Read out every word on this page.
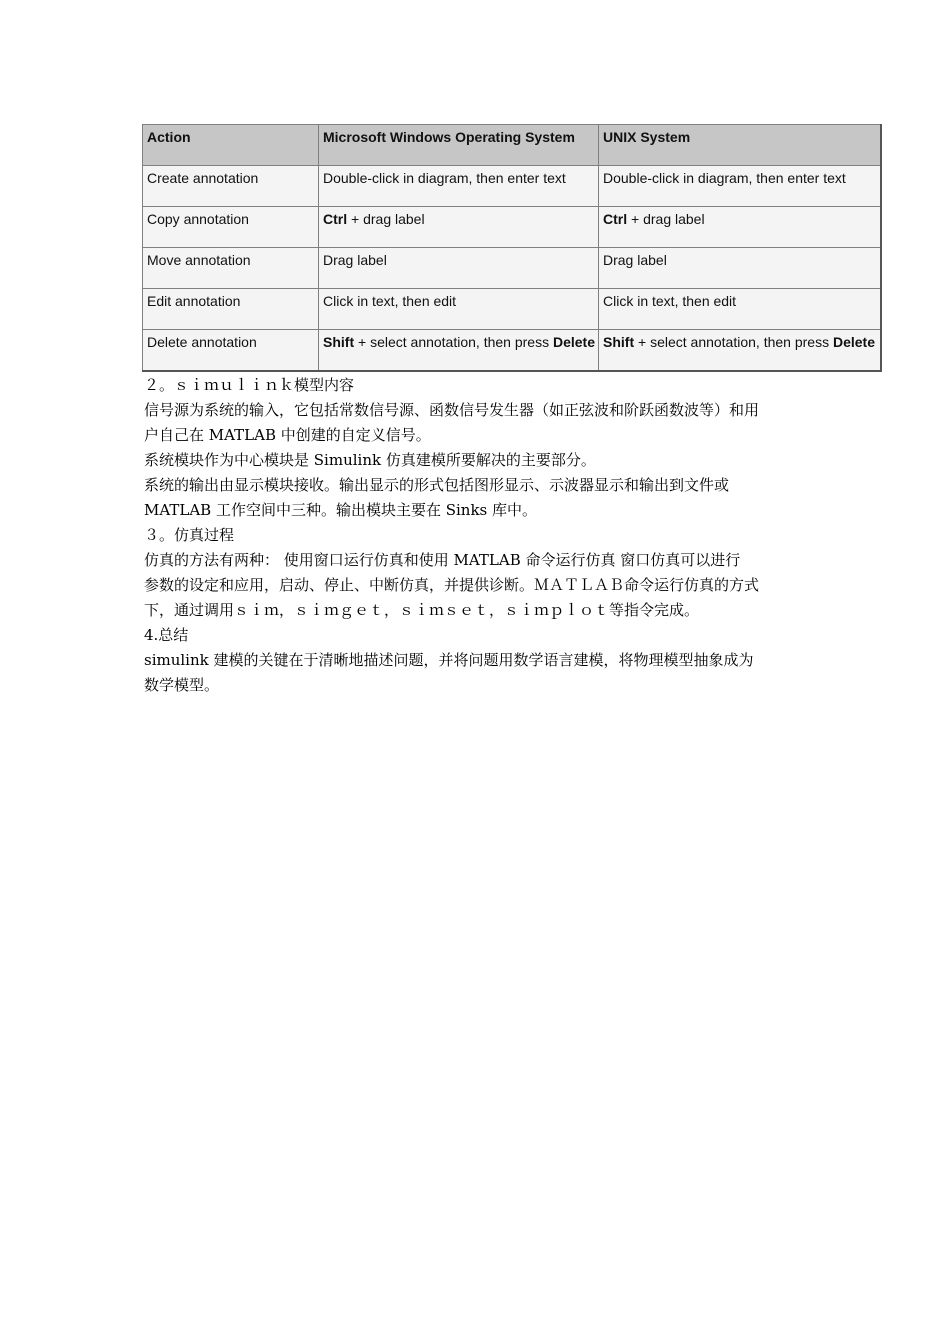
Action	Microsoft Windows Operating System	UNIX System
Create annotation	Double-click in diagram, then enter text	Double-click in diagram, then enter text
Copy annotation	Ctrl + drag label	Ctrl + drag label
Move annotation	Drag label	Drag label
Edit annotation	Click in text, then edit	Click in text, then edit
Delete annotation	Shift + select annotation, then press Delete	Shift + select annotation, then press Delete

２。ｓｉｍｕｌｉｎｋ模型内容

信号源为系统的输入，它包括常数信号源、函数信号发生器（如正弦波和阶跃函数波等）和用

户自己在 MATLAB 中创建的自定义信号。

系统模块作为中心模块是 Simulink 仿真建模所要解决的主要部分。

系统的输出由显示模块接收。输出显示的形式包括图形显示、示波器显示和输出到文件或

MATLAB 工作空间中三种。输出模块主要在 Sinks 库中。

３。仿真过程

仿真的方法有两种： 使用窗口运行仿真和使用 MATLAB 命令运行仿真 窗口仿真可以进行

参数的设定和应用，启动、停止、中断仿真，并提供诊断。ＭＡＴＬＡＢ命令运行仿真的方式

下，通过调用ｓｉｍ，ｓｉｍｇｅｔ，ｓｉｍｓｅｔ，ｓｉｍｐｌｏｔ等指令完成。

4.总结

simulink 建模的关键在于清晰地描述问题，并将问题用数学语言建模，将物理模型抽象成为

数学模型。
